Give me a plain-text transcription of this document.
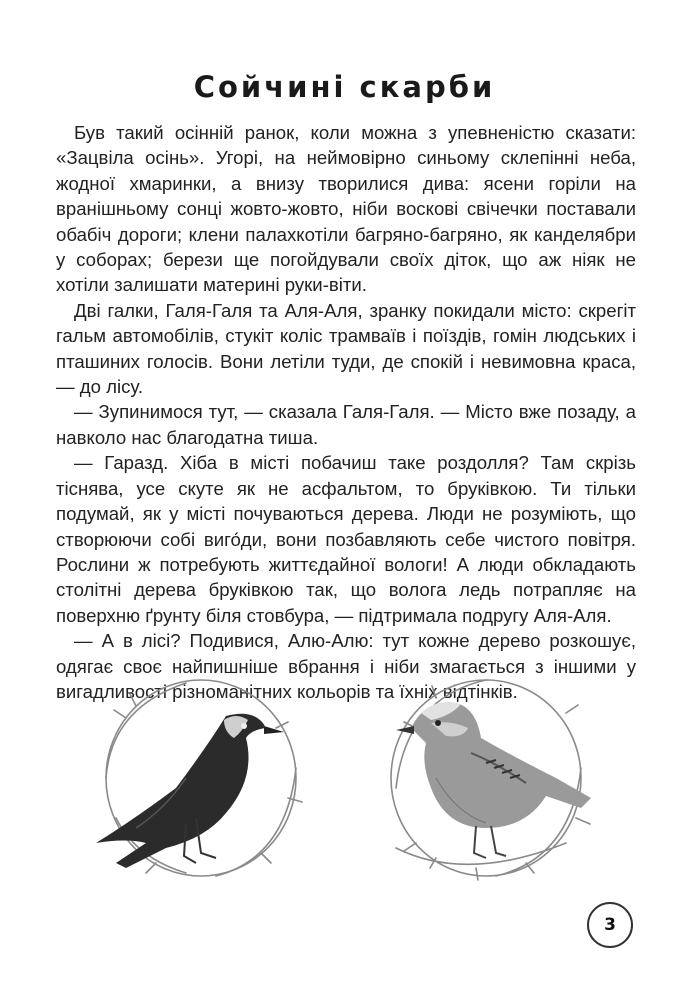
Сойчині скарби

Був такий осінній ранок, коли можна з упевненістю сказати: «Зацвіла осінь». Угорі, на неймовірно синьому склепінні неба, жодної хмаринки, а внизу творилися дива: ясени горіли на вранішньому сонці жовто-жовто, ніби воскові свічечки поставали обабіч дороги; клени палахкотіли багряно-багряно, як канделябри у соборах; берези ще погойдували своїх діток, що аж ніяк не хотіли залишати материні руки-віти.

Дві галки, Галя-Галя та Аля-Аля, зранку покидали місто: скрегіт гальм автомобілів, стукіт коліс трамваїв і поїздів, гомін людських і пташиних голосів. Вони летіли туди, де спокій і невимовна краса, — до лісу.

— Зупинимося тут, — сказала Галя-Галя. — Місто вже позаду, а навколо нас благодатна тиша.

— Гаразд. Хіба в місті побачиш таке роздолля? Там скрізь тіснява, усе скуте як не асфальтом, то бруківкою. Ти тільки подумай, як у місті почуваються дерева. Люди не розуміють, що створюючи собі виго́ди, вони позбавляють себе чистого повітря. Рослини ж потребують життєдайної вологи! А люди обкладають столітні дерева бруківкою так, що волога ледь потрапляє на поверхню ґрунту біля стовбура, — підтримала подругу Аля-Аля.

— А в лісі? Подивися, Алю-Алю: тут кожне дерево розкошує, одягає своє найпишніше вбрання і ніби змагається з іншими у вигадливості різноманітних кольорів та їхніх відтінків.

3
